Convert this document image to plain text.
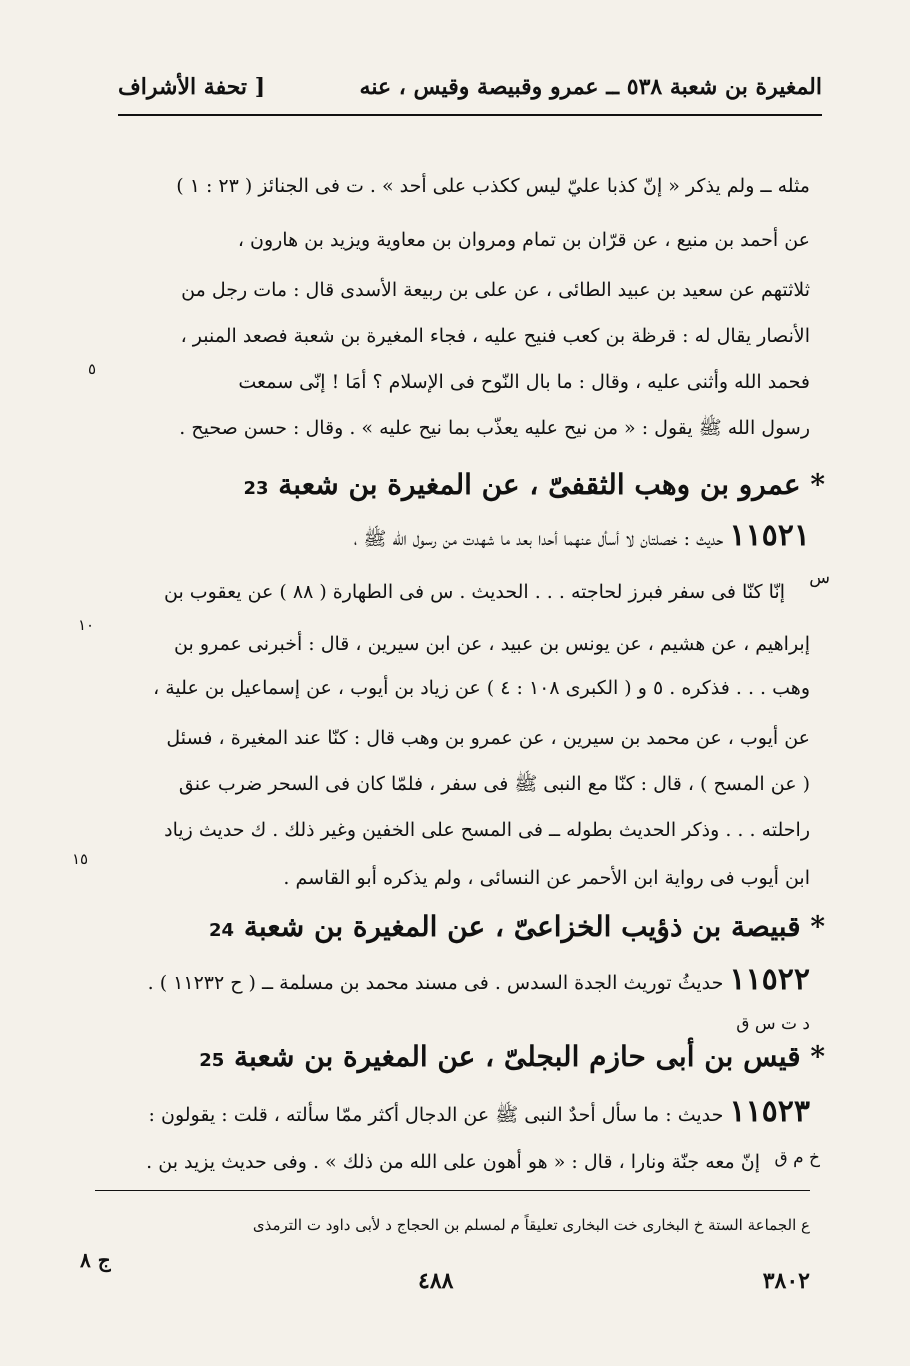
المغيرة بن شعبة ٥٣٨ ــ عمرو وقبيصة وقيس ، عنه
[ تحفة الأشراف
مثله ــ ولم يذكر « إنّ كذبا عليّ ليس ككذب على أحد » . ت فى الجنائز ( ٢٣ : ١ )
عن أحمد بن منيع ، عن قرّان بن تمام ومروان بن معاوية ويزيد بن هارون ،
ثلاثتهم عن سعيد بن عبيد الطائى ، عن على بن ربيعة الأسدى قال : مات رجل من
الأنصار يقال له : قرظة بن كعب فنيح عليه ، فجاء المغيرة بن شعبة فصعد المنبر ،
فحمد الله وأثنى عليه ، وقال : ما بال النّوح فى الإسلام ؟ أمَا ! إنّى سمعت
رسول الله ﷺ يقول : « من نيح عليه يعذّب بما نيح عليه » . وقال : حسن صحيح .
٥
* عمرو بن وهب الثقفىّ ، عن المغيرة بن شعبة 23
١١٥٢١ حديث : خصلتان لا أسأل عنهما أحدا بعد ما شهدت من رسول الله ﷺ ،
س
إنّا كنّا فى سفر فبرز لحاجته . . . الحديث . س فى الطهارة ( ٨٨ ) عن يعقوب بن
إبراهيم ، عن هشيم ، عن يونس بن عبيد ، عن ابن سيرين ، قال : أخبرنى عمرو بن
١٠
وهب . . . فذكره . ٥ و ( الكبرى ١٠٨ : ٤ ) عن زياد بن أيوب ، عن إسماعيل بن علية ،
عن أيوب ، عن محمد بن سيرين ، عن عمرو بن وهب قال : كنّا عند المغيرة ، فسئل
( عن المسح ) ، قال : كنّا مع النبى ﷺ فى سفر ، فلمّا كان فى السحر ضرب عنق
راحلته . . . وذكر الحديث بطوله ــ فى المسح على الخفين وغير ذلك . ك حديث زياد
ابن أيوب فى رواية ابن الأحمر عن النسائى ، ولم يذكره أبو القاسم .
١٥
* قبيصة بن ذؤيب الخزاعىّ ، عن المغيرة بن شعبة 24
١١٥٢٢ حديثُ توريث الجدة السدس . فى مسند محمد بن مسلمة ــ ( ح ١١٢٣٢ ) .
د ت س ق
* قيس بن أبى حازم البجلىّ ، عن المغيرة بن شعبة 25
١١٥٢٣ حديث : ما سأل أحدٌ النبى ﷺ عن الدجال أكثر ممّا سألته ، قلت : يقولون :
خ م ق
إنّ معه جنّة ونارا ، قال : « هو أهون على الله من ذلك » . وفى حديث يزيد بن .
ع الجماعة الستة خ البخارى خت البخارى تعليقاً م لمسلم بن الحجاج د لأبى داود ت الترمذى
ج ٨
٤٨٨	٣٨٠٢
